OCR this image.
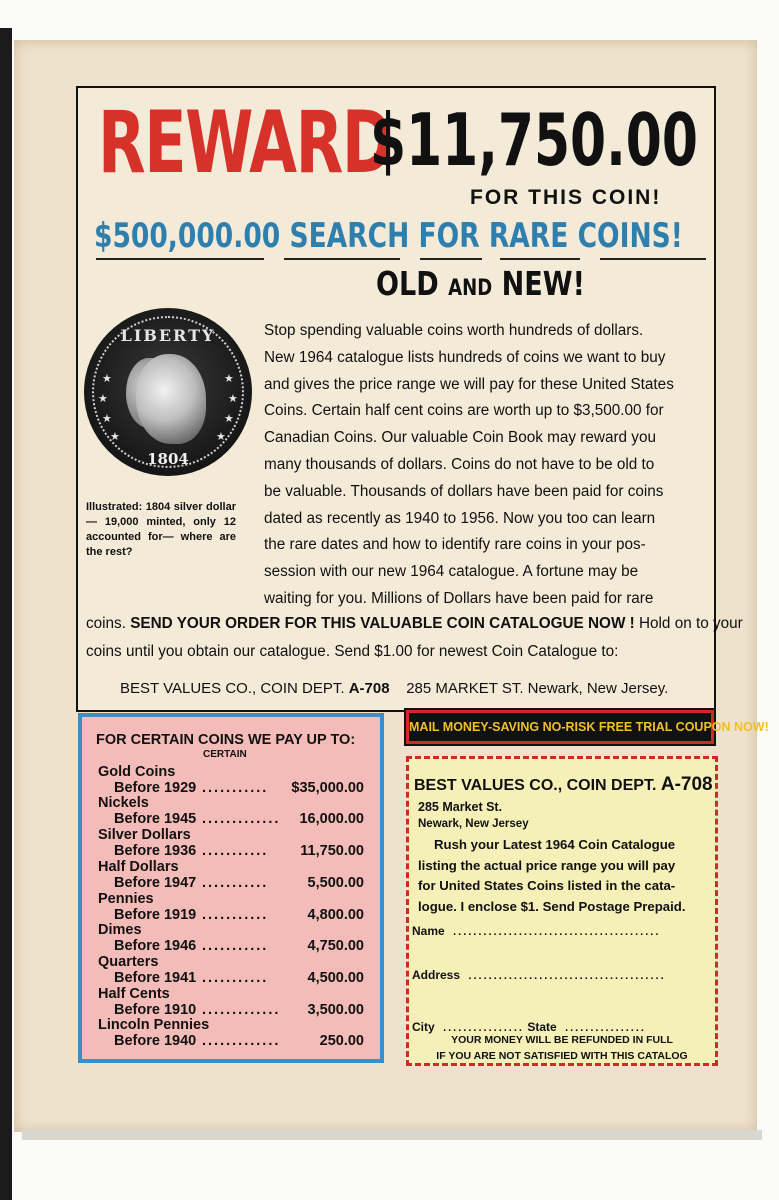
REWARD
$11,750.00
FOR THIS COIN!
$500,000.00 SEARCH FOR RARE COINS!
OLD AND NEW!
LIBERTY
★
★
★
★
★
★
★
★
1804
Illustrated: 1804 silver dollar — 19,000 minted, only 12 accounted for— where are the rest?
Stop spending valuable coins worth hundreds of dollars.
New 1964 catalogue lists hundreds of coins we want to buy
and gives the price range we will pay for these United States
Coins. Certain half cent coins are worth up to $3,500.00 for
Canadian Coins. Our valuable Coin Book may reward you
many thousands of dollars. Coins do not have to be old to
be valuable. Thousands of dollars have been paid for coins
dated as recently as 1940 to 1956. Now you too can learn
the rare dates and how to identify rare coins in your pos-
session with our new 1964 catalogue. A fortune may be
waiting for you. Millions of Dollars have been paid for rare
coins. SEND YOUR ORDER FOR THIS VALUABLE COIN CATALOGUE NOW ! Hold on to your
coins until you obtain our catalogue. Send $1.00 for newest Coin Catalogue to:
BEST VALUES CO., COIN DEPT. A-708 285 MARKET ST. Newark, New Jersey.
FOR CERTAIN COINS WE PAY UP TO:
CERTAIN
Gold Coins
Before 1929 ........... $35,000.00
Nickels
Before 1945 ............. 16,000.00
Silver Dollars
Before 1936 ........... 11,750.00
Half Dollars
Before 1947 ...........	5,500.00
Pennies
Before 1919 ...........	4,800.00
Dimes
Before 1946 ...........	4,750.00
Quarters
Before 1941 ...........	4,500.00
Half Cents
Before 1910 ............. 3,500.00
Lincoln Pennies
Before 1940 .............	250.00
MAIL MONEY-SAVING NO-RISK FREE TRIAL COUPON NOW!
BEST VALUES CO., COIN DEPT. A-708
285 Market St.
Newark, New Jersey
Rush your Latest 1964 Coin Catalogue
listing the actual price range you will pay
for United States Coins listed in the cata-
logue. I enclose $1. Send Postage Prepaid.
Name  .........................................
Address  .......................................
City  ................ State  ................
YOUR MONEY WILL BE REFUNDED IN FULL
IF YOU ARE NOT SATISFIED WITH THIS CATALOG
